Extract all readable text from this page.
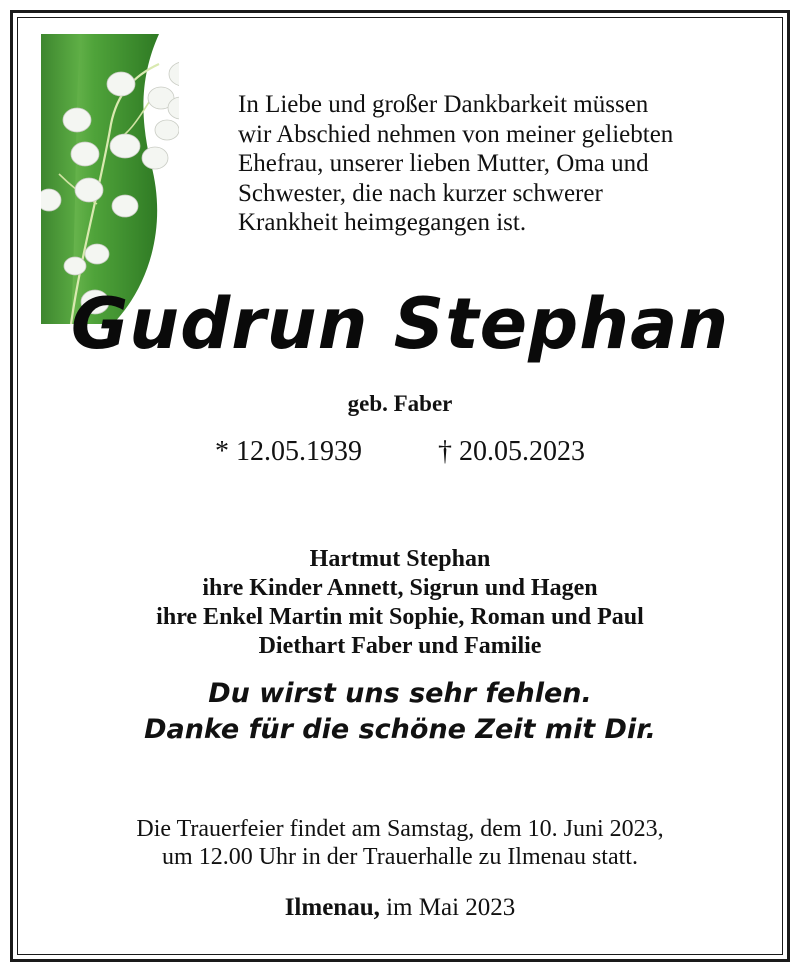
In Liebe und großer Dankbarkeit müssen
wir Abschied nehmen von meiner geliebten
Ehefrau, unserer lieben Mutter, Oma und
Schwester, die nach kurzer schwerer
Krankheit heimgegangen ist.
Gudrun Stephan
geb. Faber
* 12.05.1939	† 20.05.2023
Hartmut Stephan
ihre Kinder Annett, Sigrun und Hagen
ihre Enkel Martin mit Sophie, Roman und Paul
Diethart Faber und Familie
Du wirst uns sehr fehlen.
Danke für die schöne Zeit mit Dir.
Die Trauerfeier findet am Samstag, dem 10. Juni 2023,
um 12.00 Uhr in der Trauerhalle zu Ilmenau statt.
Ilmenau, im Mai 2023
